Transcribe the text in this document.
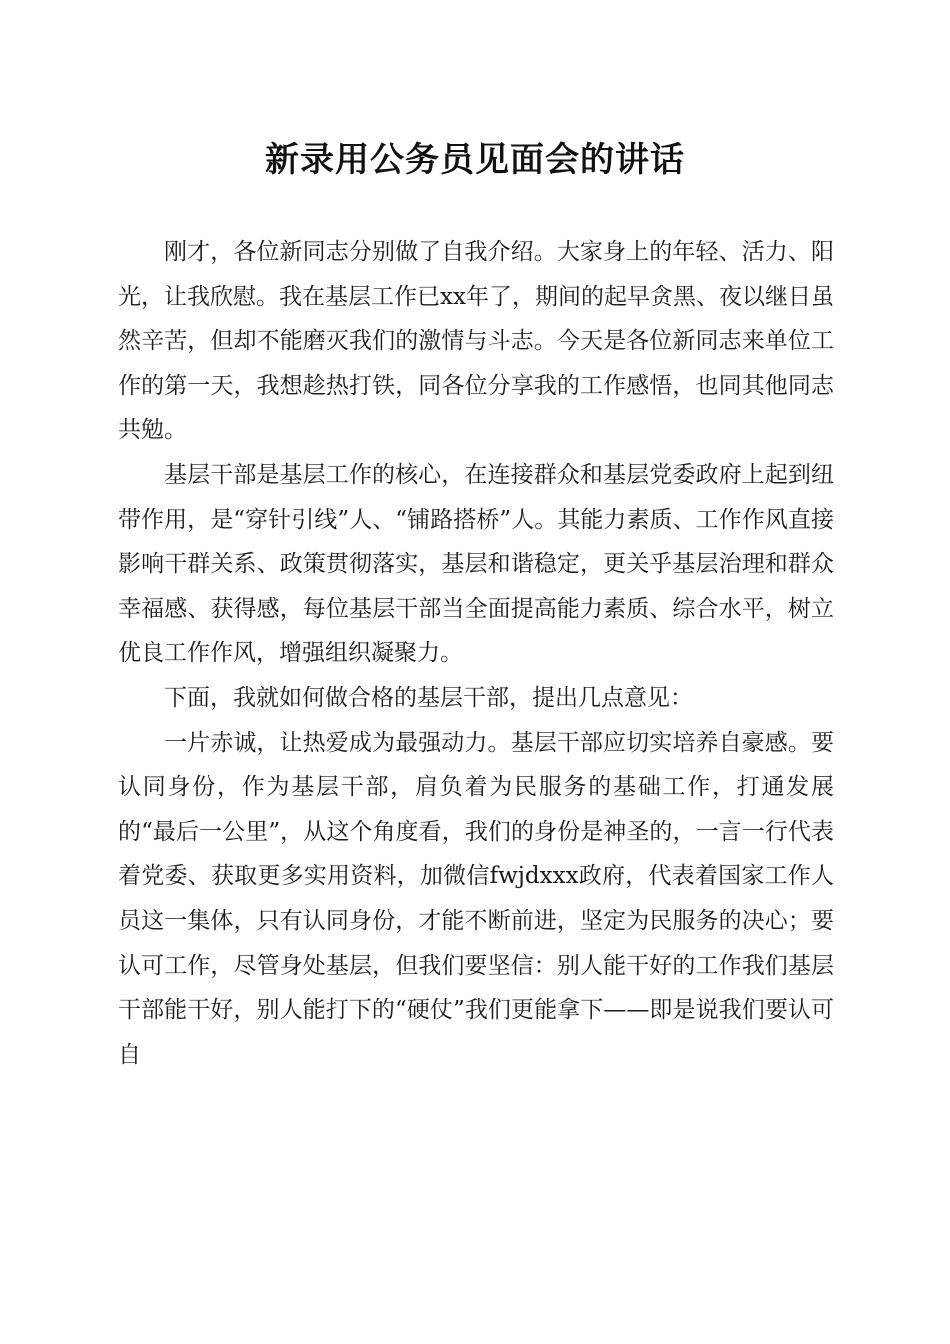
新录用公务员见面会的讲话

刚才，各位新同志分别做了自我介绍。大家身上的年轻、活力、阳光，让我欣慰。我在基层工作已xx年了，期间的起早贪黑、夜以继日虽然辛苦，但却不能磨灭我们的激情与斗志。今天是各位新同志来单位工作的第一天，我想趁热打铁，同各位分享我的工作感悟，也同其他同志共勉。

基层干部是基层工作的核心，在连接群众和基层党委政府上起到纽带作用，是“穿针引线”人、“铺路搭桥”人。其能力素质、工作作风直接影响干群关系、政策贯彻落实，基层和谐稳定，更关乎基层治理和群众幸福感、获得感，每位基层干部当全面提高能力素质、综合水平，树立优良工作作风，增强组织凝聚力。

下面，我就如何做合格的基层干部，提出几点意见：

一片赤诚，让热爱成为最强动力。基层干部应切实培养自豪感。要认同身份，作为基层干部，肩负着为民服务的基础工作，打通发展的“最后一公里”，从这个角度看，我们的身份是神圣的，一言一行代表着党委、获取更多实用资料，加微信fwjdxxx政府，代表着国家工作人员这一集体，只有认同身份，才能不断前进，坚定为民服务的决心；要认可工作，尽管身处基层，但我们要坚信：别人能干好的工作我们基层干部能干好，别人能打下的“硬仗”我们更能拿下——即是说我们要认可自
